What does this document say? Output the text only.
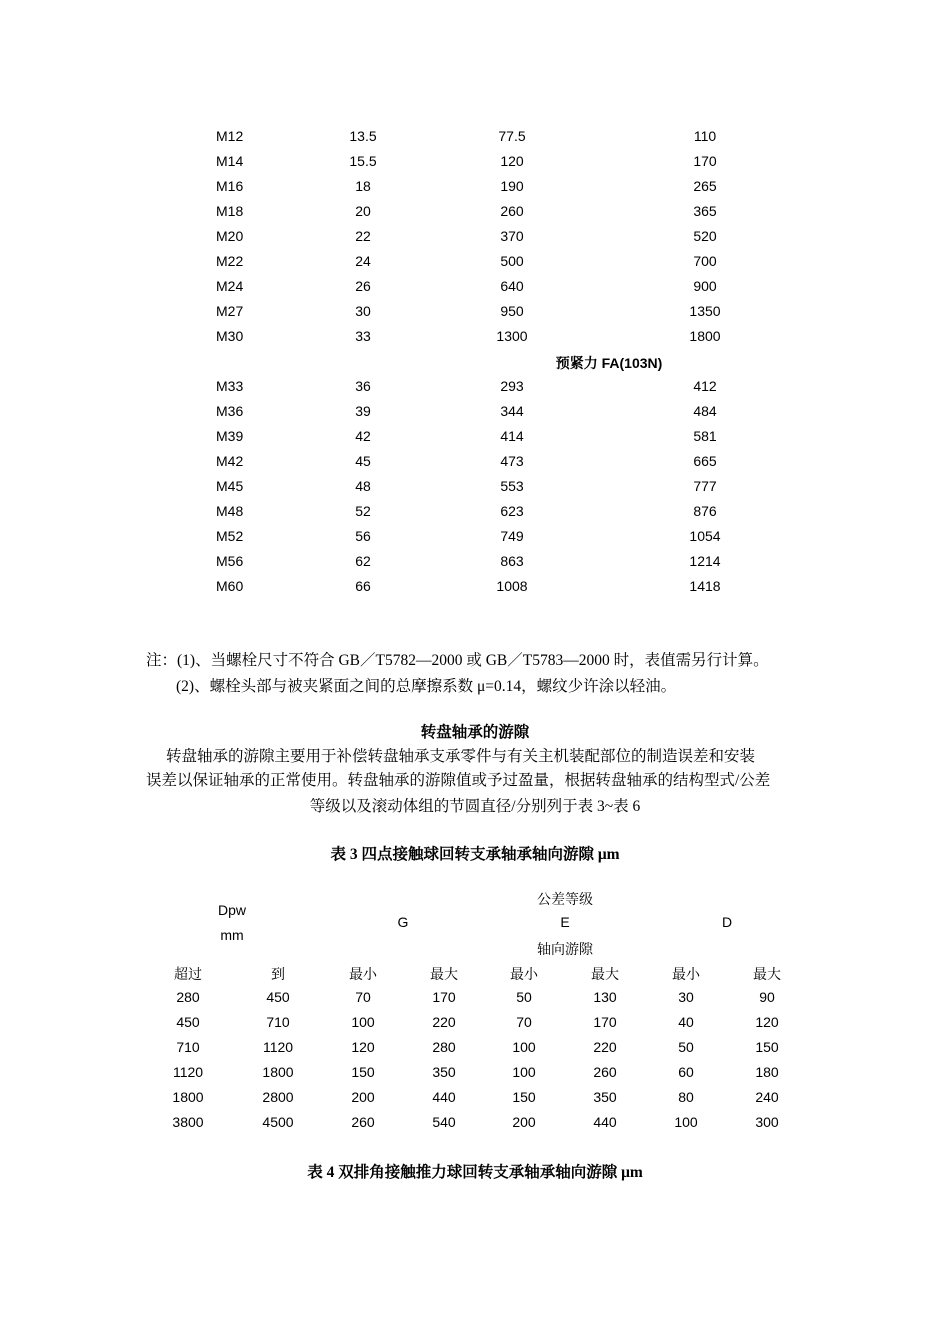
M12	13.5	77.5	110
M14	15.5	120	170
M16	18	190	265
M18	20	260	365
M20	22	370	520
M22	24	500	700
M24	26	640	900
M27	30	950	1350
M30	33	1300	1800
预紧力 FA(103N)
M33	36	293	412
M36	39	344	484
M39	42	414	581
M42	45	473	665
M45	48	553	777
M48	52	623	876
M52	56	749	1054
M56	62	863	1214
M60	66	1008	1418
注：(1)、当螺栓尺寸不符合 GB／T5782—2000 或 GB／T5783—2000 时，表值需另行计算。
(2)、螺栓头部与被夹紧面之间的总摩擦系数 μ=0.14，螺纹少许涂以轻油。
转盘轴承的游隙
转盘轴承的游隙主要用于补偿转盘轴承支承零件与有关主机装配部位的制造误差和安装
误差以保证轴承的正常使用。转盘轴承的游隙值或予过盈量，根据转盘轴承的结构型式/公差
等级以及滚动体组的节圆直径/分别列于表 3~表 6
表 3 四点接触球回转支承轴承轴向游隙 μm
Dpw
mm
公差等级
G	E	D
轴向游隙
超过	到	最小	最大	最小	最大	最小	最大
280	450	70	170	50	130	30	90
450	710	100	220	70	170	40	120
710	1120	120	280	100	220	50	150
1120	1800	150	350	100	260	60	180
1800	2800	200	440	150	350	80	240
3800	4500	260	540	200	440	100	300
表 4 双排角接触推力球回转支承轴承轴向游隙 μm
